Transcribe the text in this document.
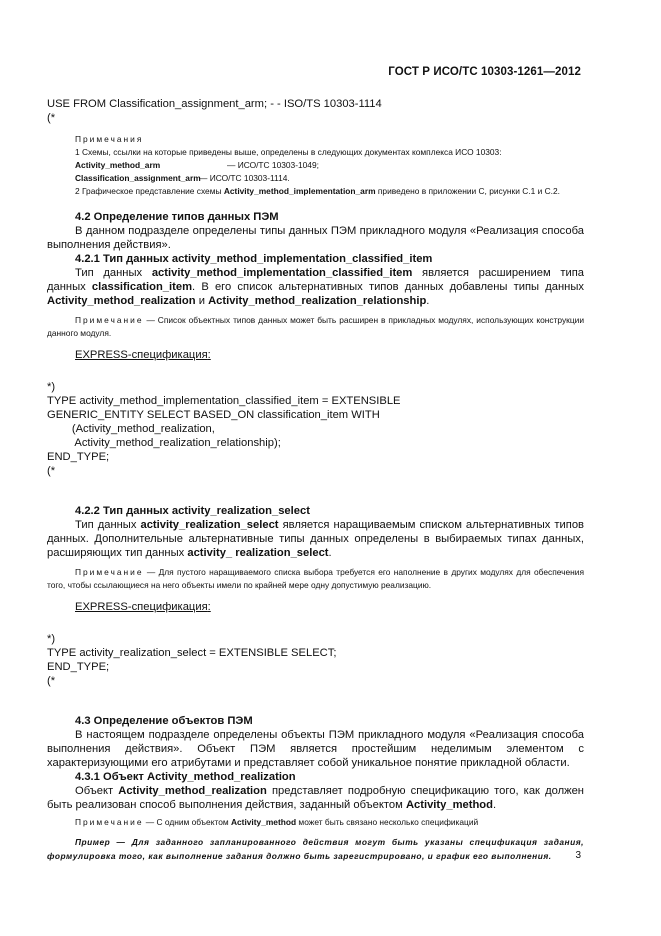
ГОСТ Р ИСО/ТС 10303-1261—2012
USE FROM Classification_assignment_arm; - - ISO/TS 10303-1114
(*

Примечания

1 Схемы, ссылки на которые приведены выше, определены в следующих документах комплекса ИСО 10303:

Activity_method_arm	— ИСО/ТС 10303-1049;
Classification_assignment_arm
— ИСО/ТС 10303-1114.

2 Графическое представление схемы Activity_method_implementation_arm приведено в приложении С, рисунки С.1 и С.2.

4.2 Определение типов данных ПЭМ

В данном подразделе определены типы данных ПЭМ прикладного модуля «Реализация способа выполнения действия».

4.2.1 Тип данных activity_method_implementation_classified_item

Тип данных activity_method_implementation_classified_item является расширением типа данных classification_item. В его список альтернативных типов данных добавлены типы данных Activity_method_realization и Activity_method_realization_relationship.

Примечание — Список объектных типов данных может быть расширен в прикладных модулях, использующих конструкции данного модуля.

EXPRESS-спецификация:

*)
TYPE activity_method_implementation_classified_item = EXTENSIBLE
GENERIC_ENTITY SELECT BASED_ON classification_item WITH
(Activity_method_realization,
Activity_method_realization_relationship);
END_TYPE;
(*

4.2.2 Тип данных activity_realization_select

Тип данных activity_realization_select является наращиваемым списком альтернативных типов данных. Дополнительные альтернативные типы данных определены в выбираемых типах данных, расширяющих тип данных activity_ realization_select.

Примечание — Для пустого наращиваемого списка выбора требуется его наполнение в других модулях для обеспечения того, чтобы ссылающиеся на него объекты имели по крайней мере одну допустимую реализацию.

EXPRESS-спецификация:

*)
TYPE activity_realization_select = EXTENSIBLE SELECT;
END_TYPE;
(*

4.3 Определение объектов ПЭМ

В настоящем подразделе определены объекты ПЭМ прикладного модуля «Реализация способа выполнения действия». Объект ПЭМ является простейшим неделимым элементом с характеризующими его атрибутами и представляет собой уникальное понятие прикладной области.

4.3.1 Объект Activity_method_realization

Объект Activity_method_realization представляет подробную спецификацию того, как должен быть реализован способ выполнения действия, заданный объектом Activity_method.

Примечание — С одним объектом Activity_method может быть связано несколько спецификаций

Пример — Для заданного запланированного действия могут быть указаны спецификация задания, формулировка того, как выполнение задания должно быть зарегистрировано, и график его выполнения.	3
